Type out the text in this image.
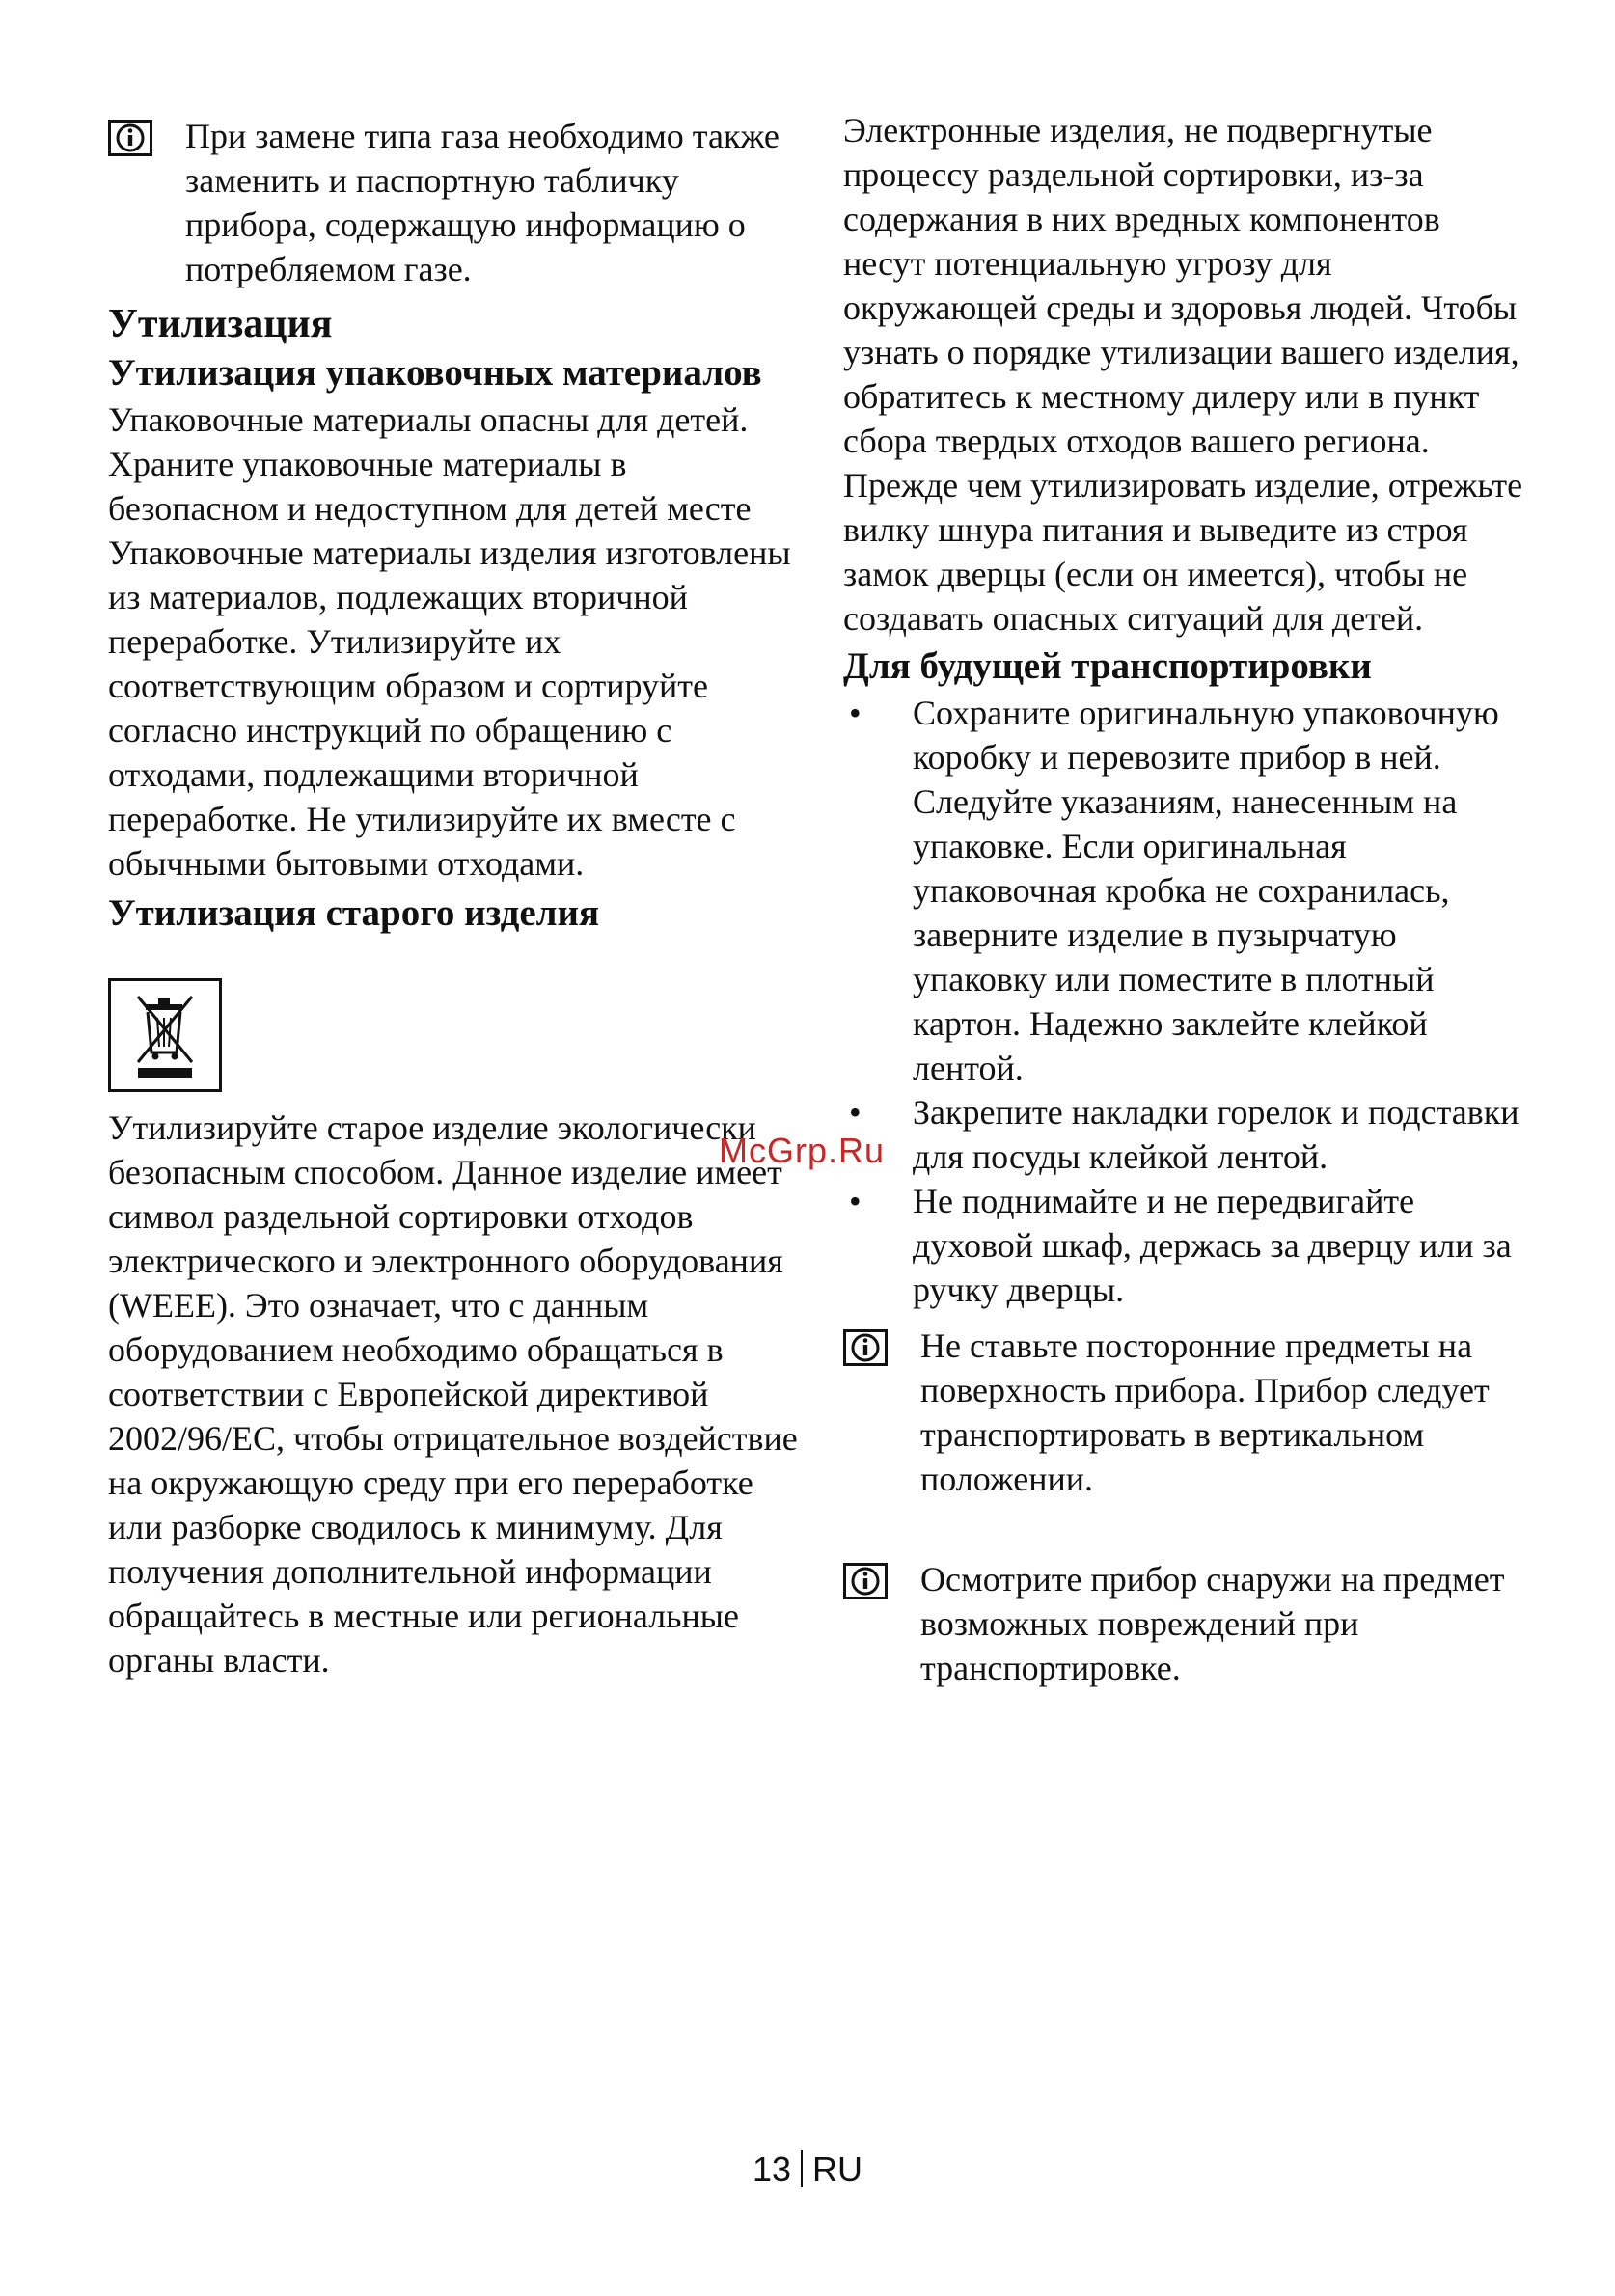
При замене типа газа необходимо также заменить и паспортную табличку прибора, содержащую информацию о потребляемом газе.

Утилизация

Утилизация упаковочных материалов

Упаковочные материалы опасны для детей. Храните упаковочные материалы в безопасном и недоступном для детей месте

Упаковочные материалы изделия изготовлены из материалов, подлежащих вторичной переработке. Утилизируйте их соответствующим образом и сортируйте согласно инструкций по обращению с отходами, подлежащими вторичной переработке. Не утилизируйте их вместе с обычными бытовыми отходами.

Утилизация старого изделия

Утилизируйте старое изделие экологически безопасным способом. Данное изделие имеет символ раздельной сортировки отходов электрического и электронного оборудования (WEEE). Это означает, что с данным оборудованием необходимо обращаться в соответствии с Европейской директивой 2002/96/EC, чтобы отрицательное воздействие на окружающую среду при его переработке или разборке сводилось к минимуму. Для получения дополнительной информации обращайтесь в местные или региональные органы власти.

Электронные изделия, не подвергнутые процессу раздельной сортировки, из-за содержания в них вредных компонентов несут потенциальную угрозу для окружающей среды и здоровья людей. Чтобы узнать о порядке утилизации вашего изделия, обратитесь к местному дилеру или в пункт сбора твердых отходов вашего региона.

Прежде чем утилизировать изделие, отрежьте вилку шнура питания и выведите из строя замок дверцы (если он имеется), чтобы не создавать опасных ситуаций для детей.

Для будущей транспортировки

• Сохраните оригинальную упаковочную коробку и перевозите прибор в ней. Следуйте указаниям, нанесенным на упаковке. Если оригинальная упаковочная кробка не сохранилась, заверните изделие в пузырчатую упаковку или поместите в плотный картон. Надежно заклейте клейкой лентой.
• Закрепите накладки горелок и подставки для посуды клейкой лентой.
• Не поднимайте и не передвигайте духовой шкаф, держась за дверцу или за ручку дверцы.

Не ставьте посторонние предметы на поверхность прибора. Прибор следует транспортировать в вертикальном положении.

Осмотрите прибор снаружи на предмет возможных повреждений при транспортировке.

McGrp.Ru
13 RU
